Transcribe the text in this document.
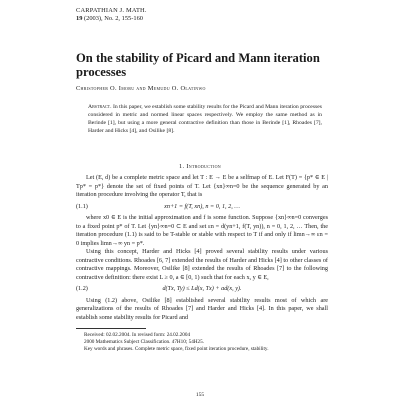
CARPATHIAN J. MATH.
19 (2003), No. 2, 155-160
On the stability of Picard and Mann iteration processes
Christopher O. Imoru and Memudu O. Olatinwo
Abstract. In this paper, we establish some stability results for the Picard and Mann iteration processes considered in metric and normed linear spaces respectively. We employ the same method as in Berinde [1], but using a more general contractive definition than those in Berinde [1], Rhoades [7], Harder and Hicks [4], and Osilike [8].
1. Introduction

Let (E, d) be a complete metric space and let T : E → E be a selfmap of E. Let F(T) = {p* ∈ E | Tp* = p*} denote the set of fixed points of T. Let {xn}∞n=0 be the sequence generated by an iteration procedure involving the operator T, that is

(1.1)	xn+1 = f(T, xn), n = 0, 1, 2, …

where x0 ∈ E is the initial approximation and f is some function. Suppose {xn}∞n=0 converges to a fixed point p* of T. Let {yn}∞n=0 ⊂ E and set εn = d(yn+1, f(T, yn)), n = 0, 1, 2, … Then, the iteration procedure (1.1) is said to be T-stable or stable with respect to T if and only if limn→∞ εn = 0 implies limn→∞ yn = p*.

Using this concept, Harder and Hicks [4] proved several stability results under various contractive conditions. Rhoades [6, 7] extended the results of Harder and Hicks [4] to other classes of contractive mappings. Moreover, Osilike [8] extended the results of Rhoades [7] to the following contractive definition: there exist L ≥ 0, a ∈ [0, 1) such that for each x, y ∈ E,

(1.2)	d(Tx, Ty) ≤ Ld(x, Tx) + ad(x, y).

Using (1.2) above, Osilike [8] established several stability results most of which are generalizations of the results of Rhoades [7] and Harder and Hicks [4]. In this paper, we shall establish some stability results for Picard and

Received: 02.02.2004. In revised form: 24.02.2004

2000 Mathematics Subject Classification. 47H10; 54H25.

Key words and phrases. Complete metric space, fixed point iteration procedure, stability.

155
